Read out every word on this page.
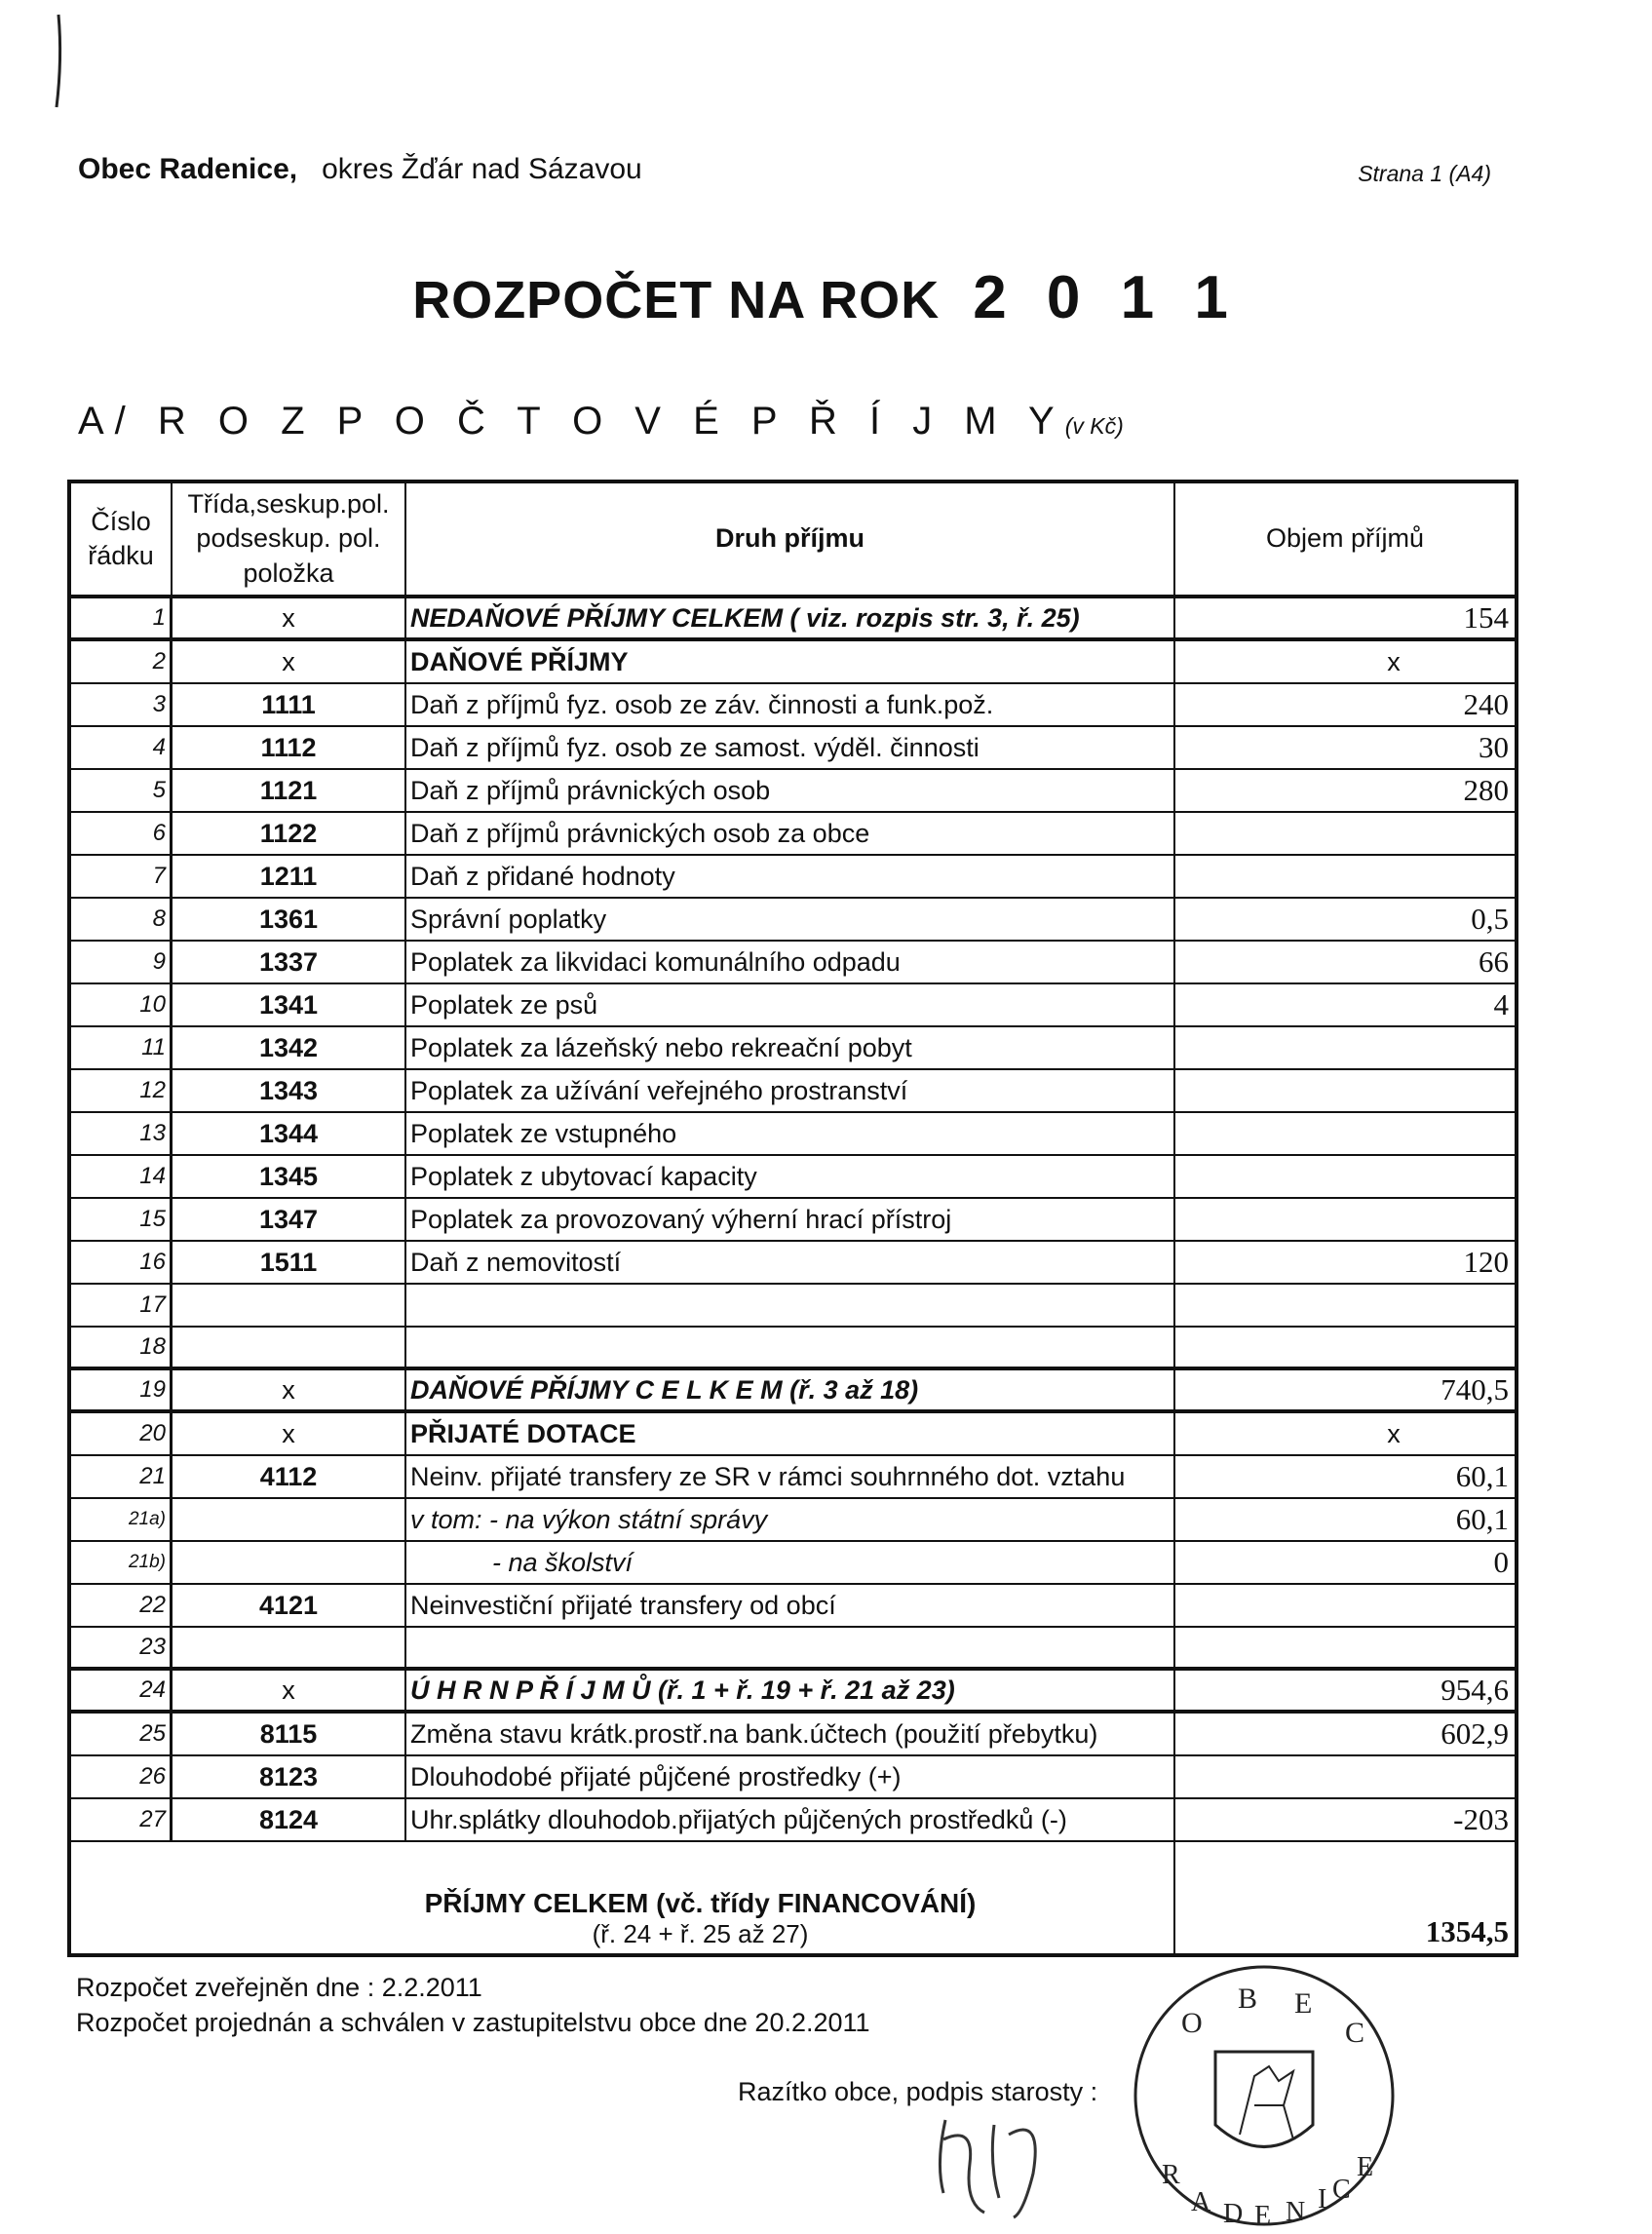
Obec Radenice, okres Žďár nad Sázavou	Strana 1 (A4)
ROZPOČET NA ROK 2 0 1 1
A/ R O Z P O Č T O V É P Ř Í J M Y(v Kč)
Číslo řádku
Třída,seskup.pol. podseskup. pol. položka
Druh příjmu	Objem příjmů
1	x	NEDAŇOVÉ PŘÍJMY CELKEM ( viz. rozpis str. 3, ř. 25)	154
2	x	DAŇOVÉ PŘÍJMY	x
3	1111	Daň z příjmů fyz. osob ze záv. činnosti a funk.pož.	240
4	1112	Daň z příjmů fyz. osob ze samost. výděl. činnosti	30
5	1121	Daň z příjmů právnických osob	280
6	1122	Daň z příjmů právnických osob za obce
7	1211	Daň z přidané hodnoty
8	1361	Správní poplatky	0,5
9	1337	Poplatek za likvidaci komunálního odpadu	66
10	1341	Poplatek ze psů	4
11	1342	Poplatek za lázeňský nebo rekreační pobyt
12	1343	Poplatek za užívání veřejného prostranství
13	1344	Poplatek ze vstupného
14	1345	Poplatek z ubytovací kapacity
15	1347	Poplatek za provozovaný výherní hrací přístroj
16	1511	Daň z nemovitostí	120
17
18
19	x	DAŇOVÉ PŘÍJMY C E L K E M (ř. 3 až 18)	740,5
20	x	PŘIJATÉ DOTACE	x
21	4112	Neinv. přijaté transfery ze SR v rámci souhrnného dot. vztahu	60,1
21a)	v tom: - na výkon státní správy	60,1
21b)	- na školství	0
22	4121	Neinvestiční přijaté transfery od obcí
23
24	x	Ú H R N P Ř Í J M Ů (ř. 1 + ř. 19 + ř. 21 až 23)	954,6
25	8115	Změna stavu krátk.prostř.na bank.účtech (použití přebytku)	602,9
26	8123	Dlouhodobé přijaté půjčené prostředky (+)
27	8124	Uhr.splátky dlouhodob.přijatých půjčených prostředků (-)	-203
PŘÍJMY CELKEM (vč. třídy FINANCOVÁNÍ)
(ř. 24 + ř. 25 až 27)	1354,5
Rozpočet zveřejněn dne : 2.2.2011
Rozpočet projednán a schválen v zastupitelstvu obce dne 20.2.2011
Razítko obce, podpis starosty :
O
B E
C
R
A D E N I C
E
